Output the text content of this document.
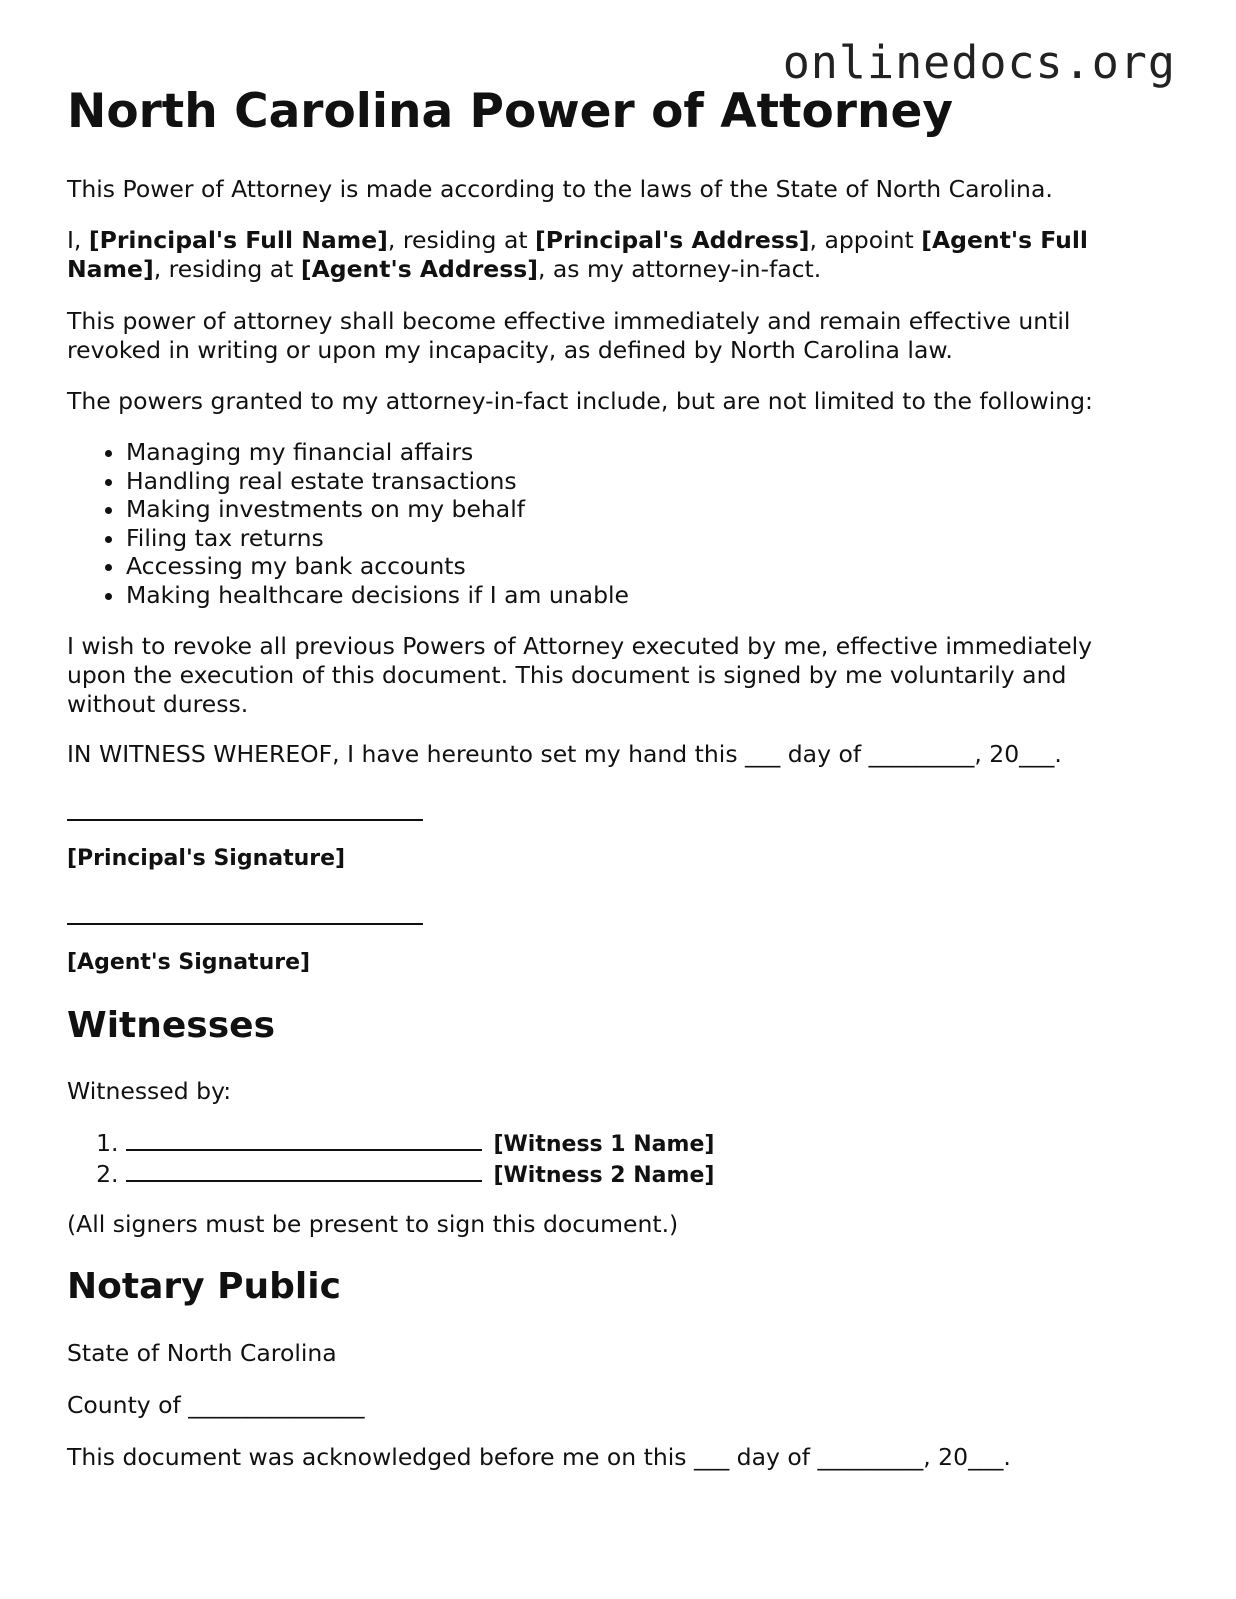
onlinedocs.org
North Carolina Power of Attorney

This Power of Attorney is made according to the laws of the State of North Carolina.

I, [Principal's Full Name], residing at [Principal's Address], appoint [Agent's Full Name], residing at [Agent's Address], as my attorney-in-fact.

This power of attorney shall become effective immediately and remain effective until revoked in writing or upon my incapacity, as defined by North Carolina law.

The powers granted to my attorney-in-fact include, but are not limited to the following:

• Managing my financial affairs
• Handling real estate transactions
• Making investments on my behalf
• Filing tax returns
• Accessing my bank accounts
• Making healthcare decisions if I am unable

I wish to revoke all previous Powers of Attorney executed by me, effective immediately upon the execution of this document. This document is signed by me voluntarily and without duress.

IN WITNESS WHEREOF, I have hereunto set my hand this ___ day of _________, 20___.

[Principal's Signature]
[Agent's Signature]
Witnesses

Witnessed by:

1. [Witness 1 Name]
2. [Witness 2 Name]

(All signers must be present to sign this document.)

Notary Public

State of North Carolina

County of _______________

This document was acknowledged before me on this ___ day of _________, 20___.
